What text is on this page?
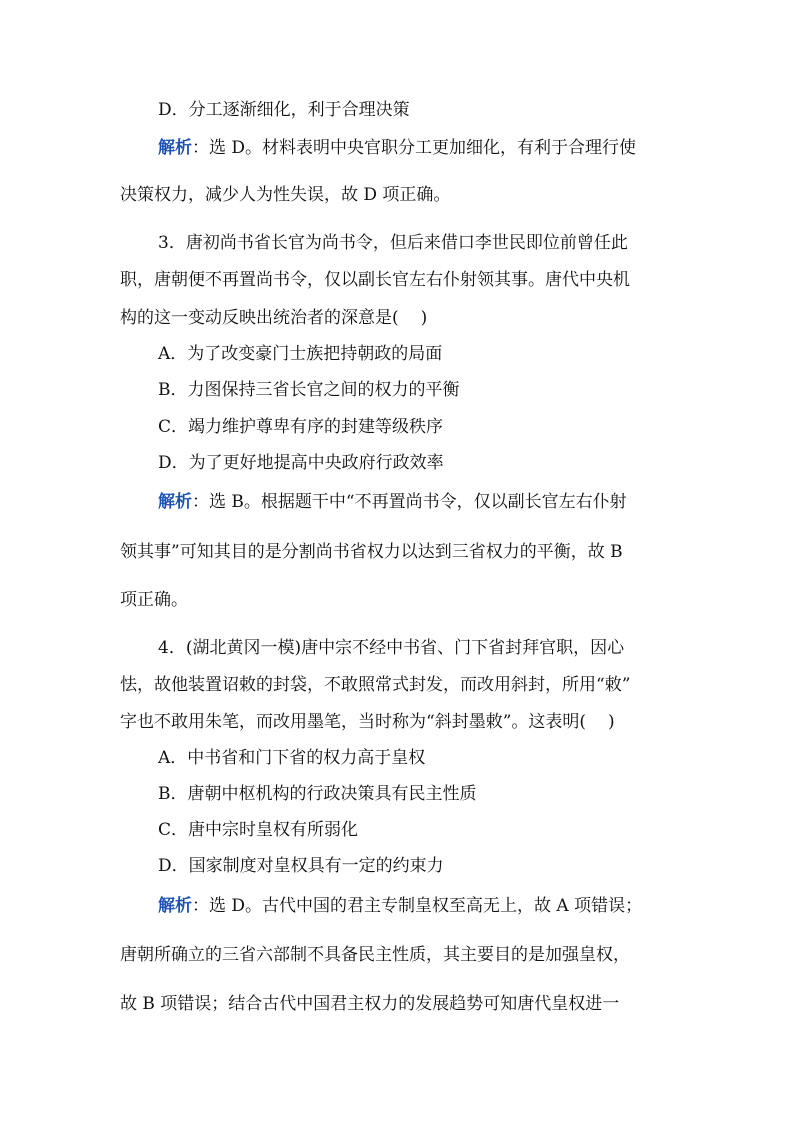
D．分工逐渐细化，利于合理决策
解析：选 D。材料表明中央官职分工更加细化，有利于合理行使
决策权力，减少人为性失误，故 D 项正确。
3．唐初尚书省长官为尚书令，但后来借口李世民即位前曾任此
职，唐朝便不再置尚书令，仅以副长官左右仆射领其事。唐代中央机
构的这一变动反映出统治者的深意是( )
A．为了改变豪门士族把持朝政的局面
B．力图保持三省长官之间的权力的平衡
C．竭力维护尊卑有序的封建等级秩序
D．为了更好地提高中央政府行政效率
解析：选 B。根据题干中“不再置尚书令，仅以副长官左右仆射
领其事”可知其目的是分割尚书省权力以达到三省权力的平衡，故 B
项正确。
4．(湖北黄冈一模)唐中宗不经中书省、门下省封拜官职，因心
怯，故他装置诏敕的封袋，不敢照常式封发，而改用斜封，所用“敕”
字也不敢用朱笔，而改用墨笔，当时称为“斜封墨敕”。这表明( )
A．中书省和门下省的权力高于皇权
B．唐朝中枢机构的行政决策具有民主性质
C．唐中宗时皇权有所弱化
D．国家制度对皇权具有一定的约束力
解析：选 D。古代中国的君主专制皇权至高无上，故 A 项错误；
唐朝所确立的三省六部制不具备民主性质，其主要目的是加强皇权，
故 B 项错误；结合古代中国君主权力的发展趋势可知唐代皇权进一
